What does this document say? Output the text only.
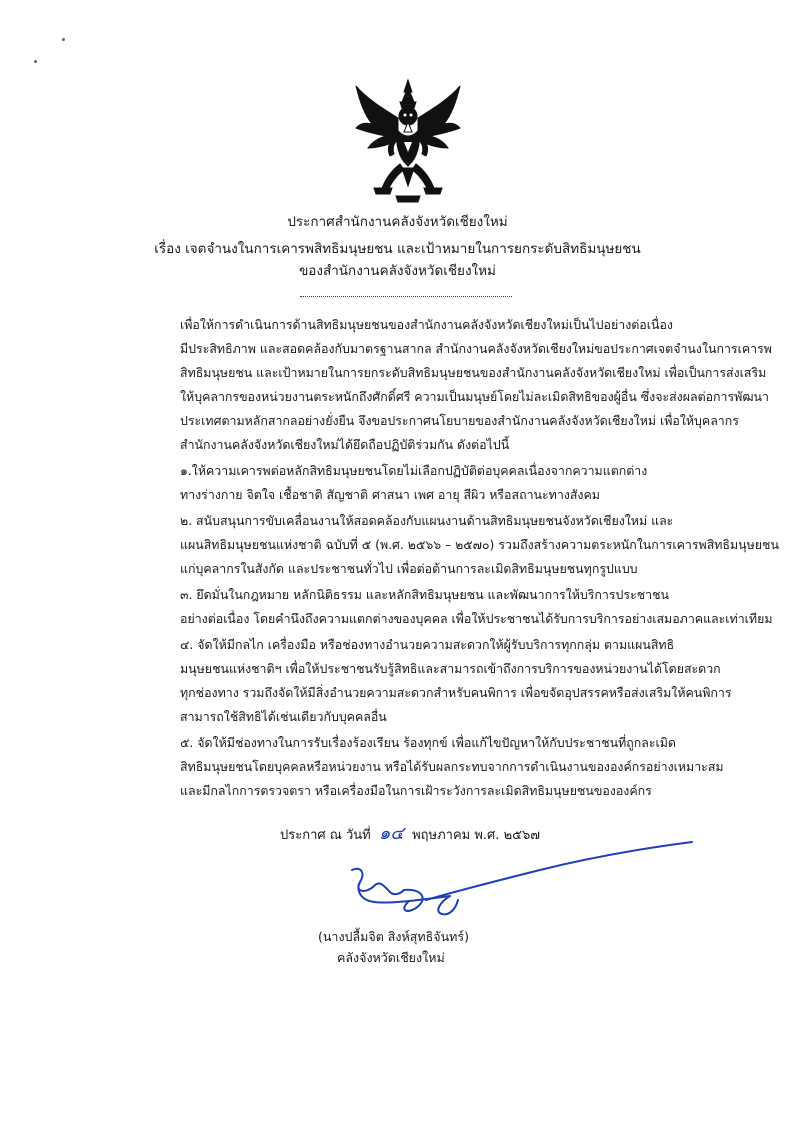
ประกาศสำนักงานคลังจังหวัดเชียงใหม่
เรื่อง เจตจำนงในการเคารพสิทธิมนุษยชน และเป้าหมายในการยกระดับสิทธิมนุษยชน
ของสำนักงานคลังจังหวัดเชียงใหม่
เพื่อให้การดำเนินการด้านสิทธิมนุษยชนของสำนักงานคลังจังหวัดเชียงใหม่เป็นไปอย่างต่อเนื่อง
มีประสิทธิภาพ และสอดคล้องกับมาตรฐานสากล สำนักงานคลังจังหวัดเชียงใหม่ขอประกาศเจตจำนงในการเคารพ
สิทธิมนุษยชน และเป้าหมายในการยกระดับสิทธิมนุษยชนของสำนักงานคลังจังหวัดเชียงใหม่ เพื่อเป็นการส่งเสริม
ให้บุคลากรของหน่วยงานตระหนักถึงศักดิ์ศรี ความเป็นมนุษย์โดยไม่ละเมิดสิทธิของผู้อื่น ซึ่งจะส่งผลต่อการพัฒนา
ประเทศตามหลักสากลอย่างยั่งยืน จึงขอประกาศนโยบายของสำนักงานคลังจังหวัดเชียงใหม่ เพื่อให้บุคลากร
สำนักงานคลังจังหวัดเชียงใหม่ได้ยึดถือปฏิบัติร่วมกัน ดังต่อไปนี้
๑.ให้ความเคารพต่อหลักสิทธิมนุษยชนโดยไม่เลือกปฏิบัติต่อบุคคลเนื่องจากความแตกต่าง
ทางร่างกาย จิตใจ เชื้อชาติ สัญชาติ ศาสนา เพศ อายุ สีผิว หรือสถานะทางสังคม
๒. สนับสนุนการขับเคลื่อนงานให้สอดคล้องกับแผนงานด้านสิทธิมนุษยชนจังหวัดเชียงใหม่ และ
แผนสิทธิมนุษยชนแห่งชาติ ฉบับที่ ๕ (พ.ศ. ๒๕๖๖ – ๒๕๗๐) รวมถึงสร้างความตระหนักในการเคารพสิทธิมนุษยชน
แก่บุคลากรในสังกัด และประชาชนทั่วไป เพื่อต่อต้านการละเมิดสิทธิมนุษยชนทุกรูปแบบ
๓. ยึดมั่นในกฎหมาย หลักนิติธรรม และหลักสิทธิมนุษยชน และพัฒนาการให้บริการประชาชน
อย่างต่อเนื่อง โดยคำนึงถึงความแตกต่างของบุคคล เพื่อให้ประชาชนได้รับการบริการอย่างเสมอภาคและเท่าเทียม
๔. จัดให้มีกลไก เครื่องมือ หรือช่องทางอำนวยความสะดวกให้ผู้รับบริการทุกกลุ่ม ตามแผนสิทธิ
มนุษยชนแห่งชาติฯ เพื่อให้ประชาชนรับรู้สิทธิและสามารถเข้าถึงการบริการของหน่วยงานได้โดยสะดวก
ทุกช่องทาง รวมถึงจัดให้มีสิ่งอำนวยความสะดวกสำหรับคนพิการ เพื่อขจัดอุปสรรคหรือส่งเสริมให้คนพิการ
สามารถใช้สิทธิได้เช่นเดียวกับบุคคลอื่น
๕. จัดให้มีช่องทางในการรับเรื่องร้องเรียน ร้องทุกข์ เพื่อแก้ไขปัญหาให้กับประชาชนที่ถูกละเมิด
สิทธิมนุษยชนโดยบุคคลหรือหน่วยงาน หรือได้รับผลกระทบจากการดำเนินงานขององค์กรอย่างเหมาะสม
และมีกลไกการตรวจตรา หรือเครื่องมือในการเฝ้าระวังการละเมิดสิทธิมนุษยชนขององค์กร
ประกาศ ณ วันที่ ๑๔ พฤษภาคม พ.ศ. ๒๕๖๗
(นางปลื้มจิต สิงห์สุทธิจันทร์)
คลังจังหวัดเชียงใหม่
